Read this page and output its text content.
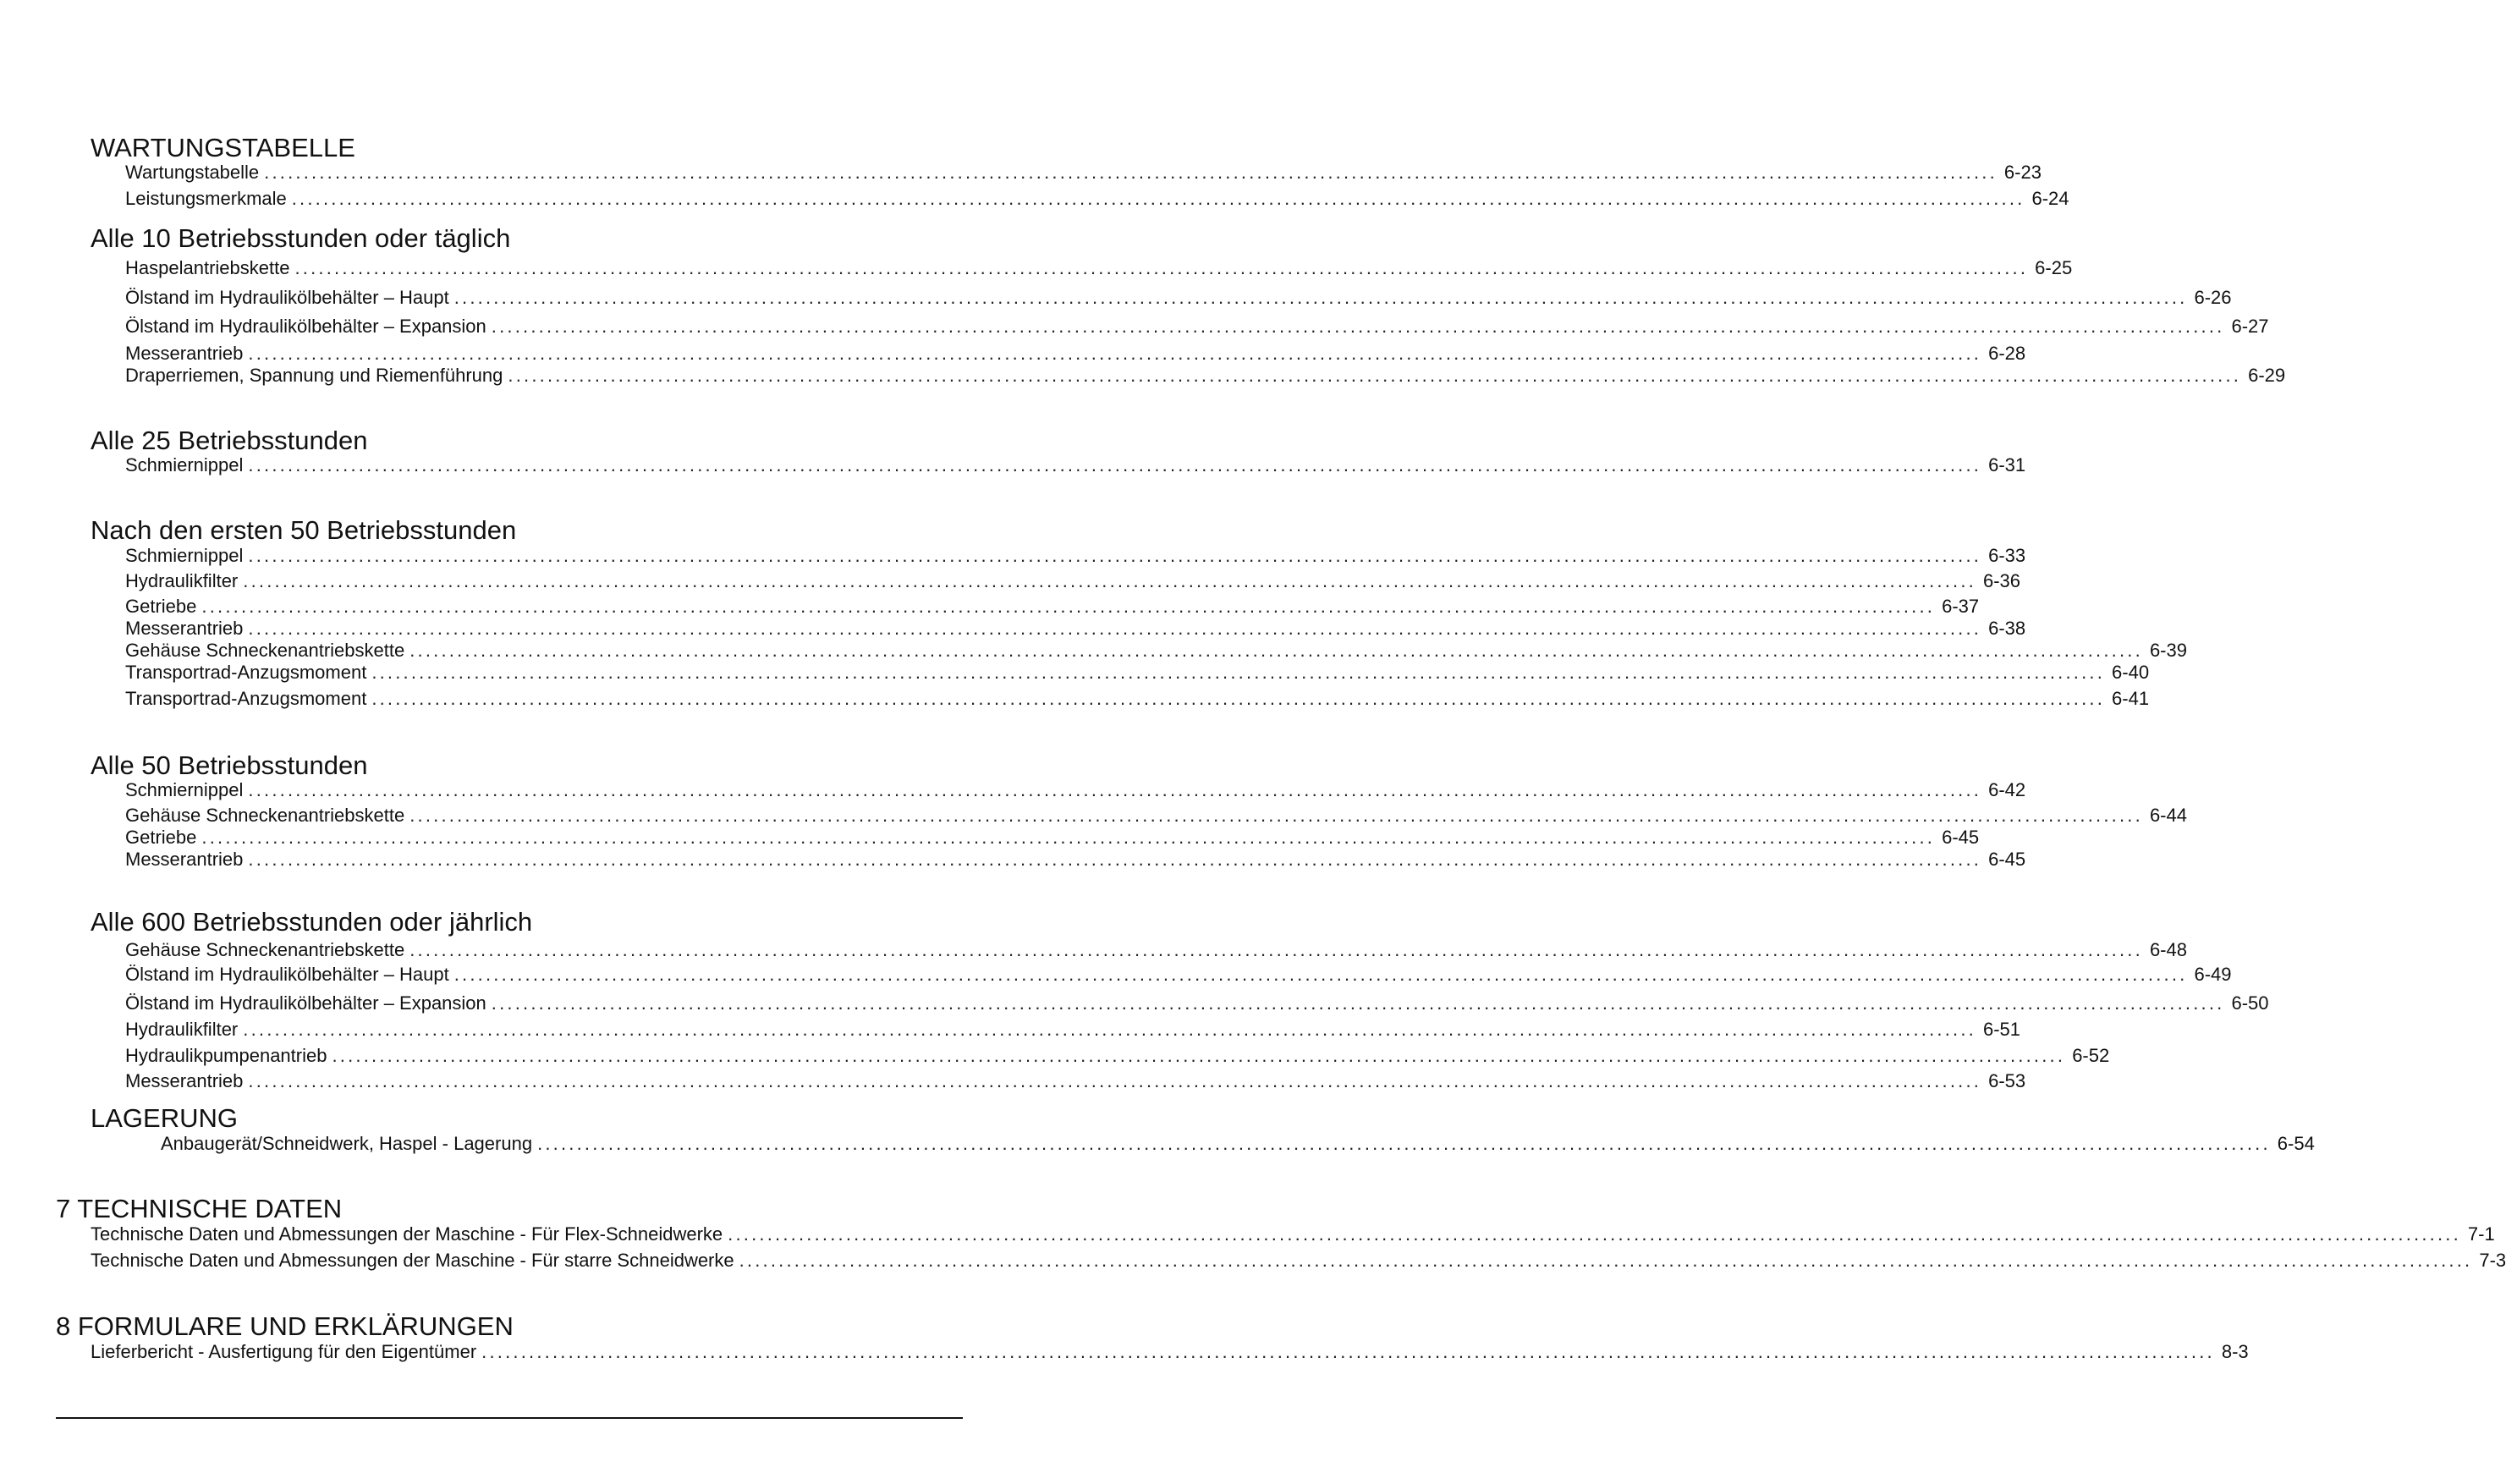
WARTUNGSTABELLE
Wartungstabelle ............................................................................................................................................................................................................................ 6-23
Leistungsmerkmale ............................................................................................................................................................................................................................ 6-24
Alle 10 Betriebsstunden oder täglich
Haspelantriebskette ............................................................................................................................................................................................................................ 6-25
Ölstand im Hydraulikölbehälter – Haupt ............................................................................................................................................................................................................................ 6-26
Ölstand im Hydraulikölbehälter – Expansion ............................................................................................................................................................................................................................ 6-27
Messerantrieb ............................................................................................................................................................................................................................ 6-28
Draperriemen, Spannung und Riemenführung ............................................................................................................................................................................................................................ 6-29
Alle 25 Betriebsstunden
Schmiernippel ............................................................................................................................................................................................................................ 6-31
Nach den ersten 50 Betriebsstunden
Schmiernippel ............................................................................................................................................................................................................................ 6-33
Hydraulikfilter ............................................................................................................................................................................................................................ 6-36
Getriebe ............................................................................................................................................................................................................................ 6-37
Messerantrieb ............................................................................................................................................................................................................................ 6-38
Gehäuse Schneckenantriebskette ............................................................................................................................................................................................................................ 6-39
Transportrad-Anzugsmoment ............................................................................................................................................................................................................................ 6-40
Transportrad-Anzugsmoment ............................................................................................................................................................................................................................ 6-41
Alle 50 Betriebsstunden
Schmiernippel ............................................................................................................................................................................................................................ 6-42
Gehäuse Schneckenantriebskette ............................................................................................................................................................................................................................ 6-44
Getriebe ............................................................................................................................................................................................................................ 6-45
Messerantrieb ............................................................................................................................................................................................................................ 6-45
Alle 600 Betriebsstunden oder jährlich
Gehäuse Schneckenantriebskette ............................................................................................................................................................................................................................ 6-48
Ölstand im Hydraulikölbehälter – Haupt ............................................................................................................................................................................................................................ 6-49
Ölstand im Hydraulikölbehälter – Expansion ............................................................................................................................................................................................................................ 6-50
Hydraulikfilter ............................................................................................................................................................................................................................ 6-51
Hydraulikpumpenantrieb ............................................................................................................................................................................................................................ 6-52
Messerantrieb ............................................................................................................................................................................................................................ 6-53
LAGERUNG
Anbaugerät/Schneidwerk, Haspel - Lagerung ............................................................................................................................................................................................................................ 6-54
7 TECHNISCHE DATEN
Technische Daten und Abmessungen der Maschine - Für Flex-Schneidwerke ............................................................................................................................................................................................................................ 7-1
Technische Daten und Abmessungen der Maschine - Für starre Schneidwerke ............................................................................................................................................................................................................................ 7-3
8 FORMULARE UND ERKLÄRUNGEN
Lieferbericht - Ausfertigung für den Eigentümer ............................................................................................................................................................................................................................ 8-3
